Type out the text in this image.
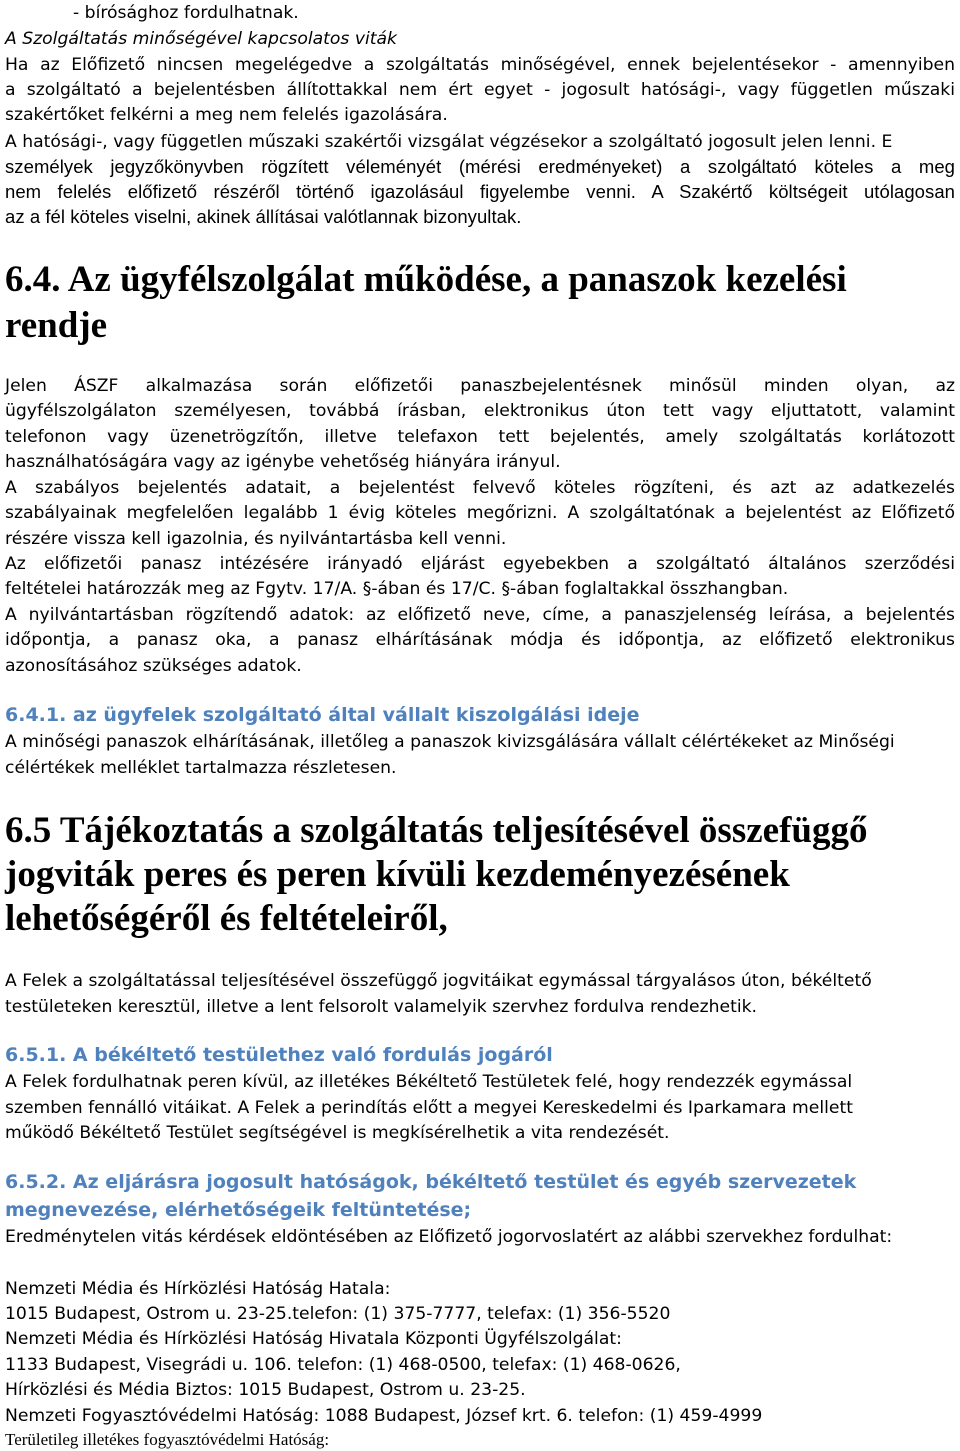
- bírósághoz fordulhatnak.
A Szolgáltatás minőségével kapcsolatos viták
Ha az Előfizető nincsen megelégedve a szolgáltatás minőségével, ennek bejelentésekor - amennyiben
a szolgáltató a bejelentésben állítottakkal nem ért egyet - jogosult hatósági-, vagy független műszaki
szakértőket felkérni a meg nem felelés igazolására.
A hatósági-, vagy független műszaki szakértői vizsgálat végzésekor a szolgáltató jogosult jelen lenni. E
személyek jegyzőkönyvben rögzített véleményét (mérési eredményeket) a szolgáltató köteles a meg
nem felelés előfizető részéről történő igazolásául figyelembe venni. A Szakértő költségeit utólagosan
az a fél köteles viselni, akinek állításai valótlannak bizonyultak.
6.4. Az ügyfélszolgálat működése, a panaszok kezelési
rendje
Jelen ÁSZF alkalmazása során előfizetői panaszbejelentésnek minősül minden olyan, az
ügyfélszolgálaton személyesen, továbbá írásban, elektronikus úton tett vagy eljuttatott, valamint
telefonon vagy üzenetrögzítőn, illetve telefaxon tett bejelentés, amely szolgáltatás korlátozott
használhatóságára vagy az igénybe vehetőség hiányára irányul.
A szabályos bejelentés adatait, a bejelentést felvevő köteles rögzíteni, és azt az adatkezelés
szabályainak megfelelően legalább 1 évig köteles megőrizni. A szolgáltatónak a bejelentést az Előfizető
részére vissza kell igazolnia, és nyilvántartásba kell venni.
Az előfizetői panasz intézésére irányadó eljárást egyebekben a szolgáltató általános szerződési
feltételei határozzák meg az Fgytv. 17/A. §-ában és 17/C. §-ában foglaltakkal összhangban.
A nyilvántartásban rögzítendő adatok: az előfizető neve, címe, a panaszjelenség leírása, a bejelentés
időpontja, a panasz oka, a panasz elhárításának módja és időpontja, az előfizető elektronikus
azonosításához szükséges adatok.
6.4.1. az ügyfelek szolgáltató által vállalt kiszolgálási ideje
A minőségi panaszok elhárításának, illetőleg a panaszok kivizsgálására vállalt célértékeket az Minőségi
célértékek melléklet tartalmazza részletesen.
6.5 Tájékoztatás a szolgáltatás teljesítésével összefüggő
jogviták peres és peren kívüli kezdeményezésének
lehetőségéről és feltételeiről,
A Felek a szolgáltatással teljesítésével összefüggő jogvitáikat egymással tárgyalásos úton, békéltető
testületeken keresztül, illetve a lent felsorolt valamelyik szervhez fordulva rendezhetik.
6.5.1. A békéltető testülethez való fordulás jogáról
A Felek fordulhatnak peren kívül, az illetékes Békéltető Testületek felé, hogy rendezzék egymással
szemben fennálló vitáikat. A Felek a perindítás előtt a megyei Kereskedelmi és Iparkamara mellett
működő Békéltető Testület segítségével is megkísérelhetik a vita rendezését.
6.5.2. Az eljárásra jogosult hatóságok, békéltető testület és egyéb szervezetek
megnevezése, elérhetőségeik feltüntetése;
Eredménytelen vitás kérdések eldöntésében az Előfizető jogorvoslatért az alábbi szervekhez fordulhat:
Nemzeti Média és Hírközlési Hatóság Hatala:
1015 Budapest, Ostrom u. 23-25.telefon: (1) 375-7777, telefax: (1) 356-5520
Nemzeti Média és Hírközlési Hatóság Hivatala Központi Ügyfélszolgálat:
1133 Budapest, Visegrádi u. 106. telefon: (1) 468-0500, telefax: (1) 468-0626,
Hírközlési és Média Biztos: 1015 Budapest, Ostrom u. 23-25.
Nemzeti Fogyasztóvédelmi Hatóság: 1088 Budapest, József krt. 6. telefon: (1) 459-4999
Területileg illetékes fogyasztóvédelmi Hatóság:
